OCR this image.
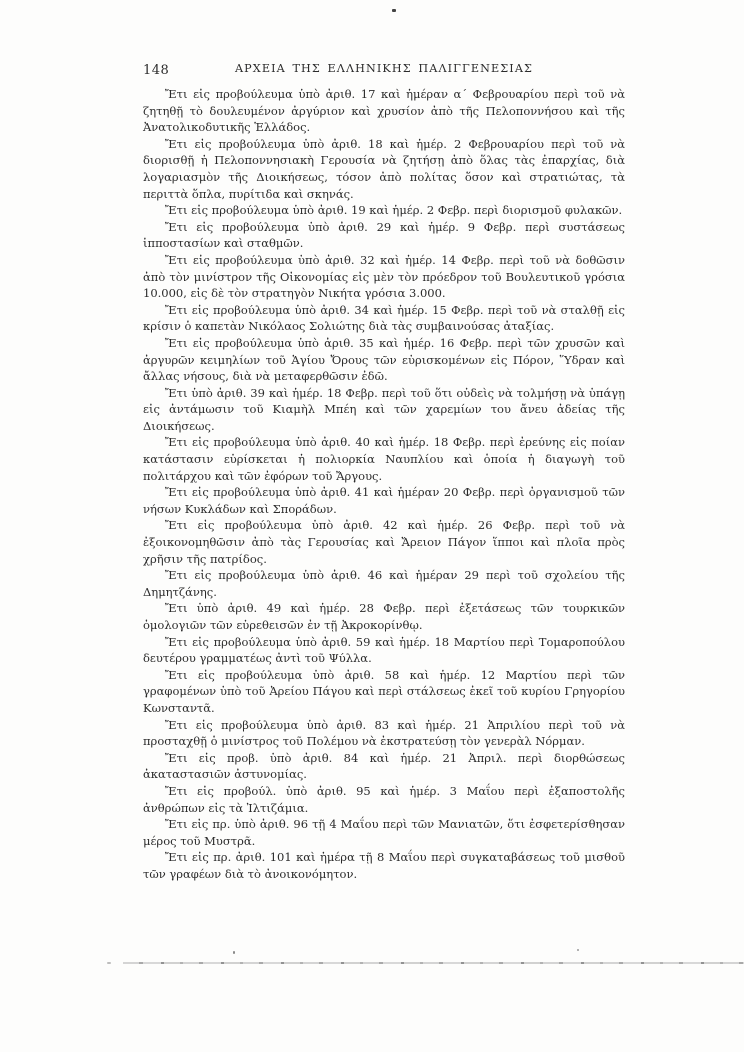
148	ΑΡΧΕΙΑ ΤΗΣ ΕΛΛΗΝΙΚΗΣ ΠΑΛΙΓΓΕΝΕΣΙΑΣ

Ἔτι εἰς προβούλευμα ὑπὸ ἀριθ. 17 καὶ ἡμέραν α´ Φεβρουαρίου περὶ τοῦ νὰ ζητηθῇ τὸ δουλευμένον ἀργύριον καὶ χρυσίον ἀπὸ τῆς Πελοποννήσου καὶ τῆς Ἀνατολικοδυτικῆς Ἑλλάδος.

Ἔτι εἰς προβούλευμα ὑπὸ ἀριθ. 18 καὶ ἡμέρ. 2 Φεβρουαρίου περὶ τοῦ νὰ διορισθῇ ἡ Πελοποννησιακὴ Γερουσία νὰ ζητήσῃ ἀπὸ ὅλας τὰς ἐπαρχίας, διὰ λογαριασμὸν τῆς Διοικήσεως, τόσον ἀπὸ πολίτας ὅσον καὶ στρατιώτας, τὰ περιττὰ ὅπλα, πυρίτιδα καὶ σκηνάς.

Ἔτι εἰς προβούλευμα ὑπὸ ἀριθ. 19 καὶ ἡμέρ. 2 Φεβρ. περὶ διορισμοῦ φυλακῶν.

Ἔτι εἰς προβούλευμα ὑπὸ ἀριθ. 29 καὶ ἡμέρ. 9 Φεβρ. περὶ συστάσεως ἱπποστασίων καὶ σταθμῶν.

Ἔτι εἰς προβούλευμα ὑπὸ ἀριθ. 32 καὶ ἡμέρ. 14 Φεβρ. περὶ τοῦ νὰ δοθῶσιν ἀπὸ τὸν μινίστρον τῆς Οἰκονομίας εἰς μὲν τὸν πρόεδρον τοῦ Βουλευτικοῦ γρόσια 10.000, εἰς δὲ τὸν στρατηγὸν Νικήτα γρόσια 3.000.

Ἔτι εἰς προβούλευμα ὑπὸ ἀριθ. 34 καὶ ἡμέρ. 15 Φεβρ. περὶ τοῦ νὰ σταλθῇ εἰς κρίσιν ὁ καπετὰν Νικόλαος Σολιώτης διὰ τὰς συμβαινούσας ἀταξίας.

Ἔτι εἰς προβούλευμα ὑπὸ ἀριθ. 35 καὶ ἡμέρ. 16 Φεβρ. περὶ τῶν χρυσῶν καὶ ἀργυρῶν κειμηλίων τοῦ Ἁγίου Ὄρους τῶν εὑρισκομένων εἰς Πόρον, Ὕδραν καὶ ἄλλας νήσους, διὰ νὰ μεταφερθῶσιν ἐδῶ.

Ἔτι ὑπὸ ἀριθ. 39 καὶ ἡμέρ. 18 Φεβρ. περὶ τοῦ ὅτι οὐδεὶς νὰ τολμήσῃ νὰ ὑπάγῃ εἰς ἀντάμωσιν τοῦ Κιαμὴλ Μπέη καὶ τῶν χαρεμίων του ἄνευ ἀδείας τῆς Διοικήσεως.

Ἔτι εἰς προβούλευμα ὑπὸ ἀριθ. 40 καὶ ἡμέρ. 18 Φεβρ. περὶ ἐρεύνης εἰς ποίαν κατάστασιν εὑρίσκεται ἡ πολιορκία Ναυπλίου καὶ ὁποία ἡ διαγωγὴ τοῦ πολιτάρχου καὶ τῶν ἐφόρων τοῦ Ἄργους.

Ἔτι εἰς προβούλευμα ὑπὸ ἀριθ. 41 καὶ ἡμέραν 20 Φεβρ. περὶ ὀργανισμοῦ τῶν νήσων Κυκλάδων καὶ Σποράδων.

Ἔτι εἰς προβούλευμα ὑπὸ ἀριθ. 42 καὶ ἡμέρ. 26 Φεβρ. περὶ τοῦ νὰ ἐξοικονομηθῶσιν ἀπὸ τὰς Γερουσίας καὶ Ἄρειον Πάγον ἵπποι καὶ πλοῖα πρὸς χρῆσιν τῆς πατρίδος.

Ἔτι εἰς προβούλευμα ὑπὸ ἀριθ. 46 καὶ ἡμέραν 29 περὶ τοῦ σχολείου τῆς Δημητζάνης.

Ἔτι ὑπὸ ἀριθ. 49 καὶ ἡμέρ. 28 Φεβρ. περὶ ἐξετάσεως τῶν τουρκικῶν ὁμολογιῶν τῶν εὑρεθεισῶν ἐν τῇ Ἀκροκορίνθῳ.

Ἔτι εἰς προβούλευμα ὑπὸ ἀριθ. 59 καὶ ἡμέρ. 18 Μαρτίου περὶ Τομαροπούλου δευτέρου γραμματέως ἀντὶ τοῦ Ψύλλα.

Ἔτι εἰς προβούλευμα ὑπὸ ἀριθ. 58 καὶ ἡμέρ. 12 Μαρτίου περὶ τῶν γραφομένων ὑπὸ τοῦ Ἀρείου Πάγου καὶ περὶ στάλσεως ἐκεῖ τοῦ κυρίου Γρηγορίου Κωνσταντᾶ.

Ἔτι εἰς προβούλευμα ὑπὸ ἀριθ. 83 καὶ ἡμέρ. 21 Ἀπριλίου περὶ τοῦ νὰ προσταχθῇ ὁ μινίστρος τοῦ Πολέμου νὰ ἐκστρατεύσῃ τὸν γενερὰλ Νόρμαν.

Ἔτι εἰς προβ. ὑπὸ ἀριθ. 84 καὶ ἡμέρ. 21 Ἀπριλ. περὶ διορθώσεως ἀκαταστασιῶν ἀστυνομίας.

Ἔτι εἰς προβούλ. ὑπὸ ἀριθ. 95 καὶ ἡμέρ. 3 Μαΐου περὶ ἐξαποστολῆς ἀνθρώπων εἰς τὰ Ἰλτιζάμια.

Ἔτι εἰς πρ. ὑπὸ ἀριθ. 96 τῇ 4 Μαΐου περὶ τῶν Μανιατῶν, ὅτι ἐσφετερίσθησαν μέρος τοῦ Μυστρᾶ.

Ἔτι εἰς πρ. ἀριθ. 101 καὶ ἡμέρα τῇ 8 Μαΐου περὶ συγκαταβάσεως τοῦ μισθοῦ τῶν γραφέων διὰ τὸ ἀνοικονόμητον.
